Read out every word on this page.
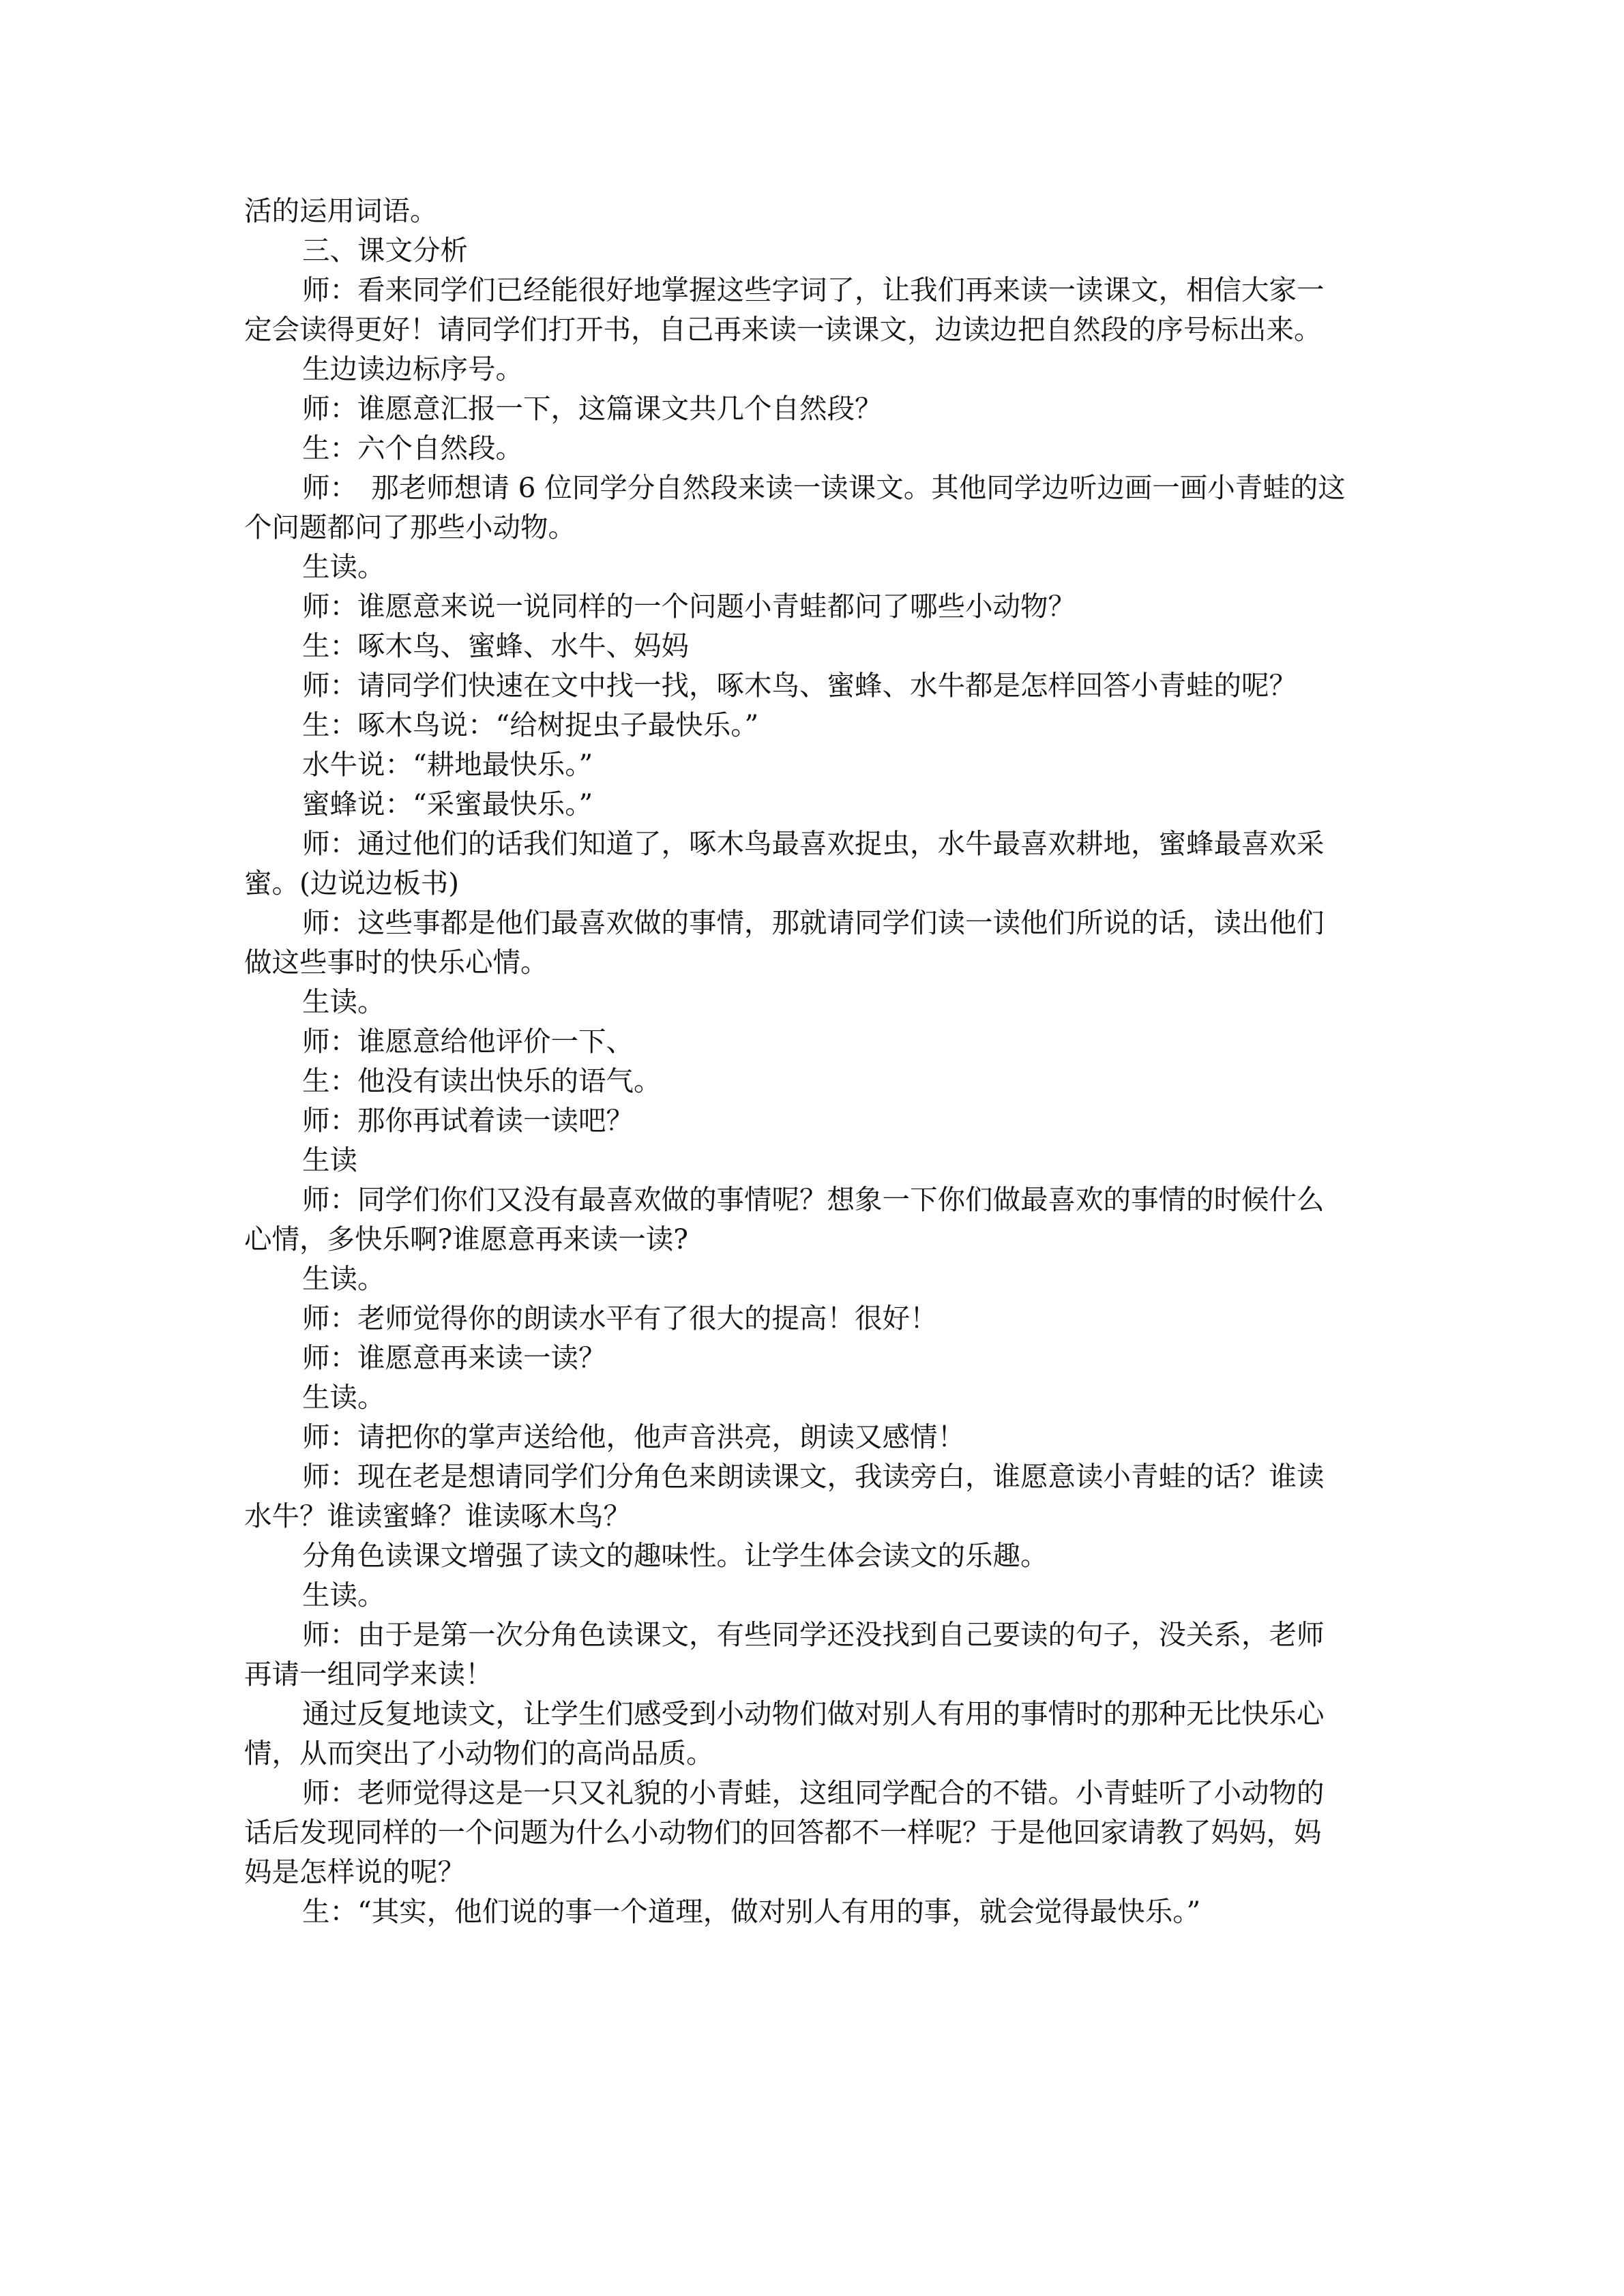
活的运用词语。
三、课文分析
师：看来同学们已经能很好地掌握这些字词了，让我们再来读一读课文，相信大家一
定会读得更好！请同学们打开书，自己再来读一读课文，边读边把自然段的序号标出来。
生边读边标序号。
师：谁愿意汇报一下，这篇课文共几个自然段？
生：六个自然段。
师：　那老师想请 6 位同学分自然段来读一读课文。其他同学边听边画一画小青蛙的这
个问题都问了那些小动物。
生读。
师：谁愿意来说一说同样的一个问题小青蛙都问了哪些小动物？
生：啄木鸟、蜜蜂、水牛、妈妈
师：请同学们快速在文中找一找，啄木鸟、蜜蜂、水牛都是怎样回答小青蛙的呢？
生：啄木鸟说：“给树捉虫子最快乐。”
水牛说：“耕地最快乐。”
蜜蜂说：“采蜜最快乐。”
师：通过他们的话我们知道了，啄木鸟最喜欢捉虫，水牛最喜欢耕地，蜜蜂最喜欢采
蜜。(边说边板书)
师：这些事都是他们最喜欢做的事情，那就请同学们读一读他们所说的话，读出他们
做这些事时的快乐心情。
生读。
师：谁愿意给他评价一下、
生：他没有读出快乐的语气。
师：那你再试着读一读吧？
生读
师：同学们你们又没有最喜欢做的事情呢？想象一下你们做最喜欢的事情的时候什么
心情，多快乐啊?谁愿意再来读一读?
生读。
师：老师觉得你的朗读水平有了很大的提高！很好！
师：谁愿意再来读一读？
生读。
师：请把你的掌声送给他，他声音洪亮，朗读又感情！
师：现在老是想请同学们分角色来朗读课文，我读旁白，谁愿意读小青蛙的话？谁读
水牛？谁读蜜蜂？谁读啄木鸟？
分角色读课文增强了读文的趣味性。让学生体会读文的乐趣。
生读。
师：由于是第一次分角色读课文，有些同学还没找到自己要读的句子，没关系，老师
再请一组同学来读！
通过反复地读文，让学生们感受到小动物们做对别人有用的事情时的那种无比快乐心
情，从而突出了小动物们的高尚品质。
师：老师觉得这是一只又礼貌的小青蛙，这组同学配合的不错。小青蛙听了小动物的
话后发现同样的一个问题为什么小动物们的回答都不一样呢？于是他回家请教了妈妈，妈
妈是怎样说的呢？
生：“其实，他们说的事一个道理，做对别人有用的事，就会觉得最快乐。”
